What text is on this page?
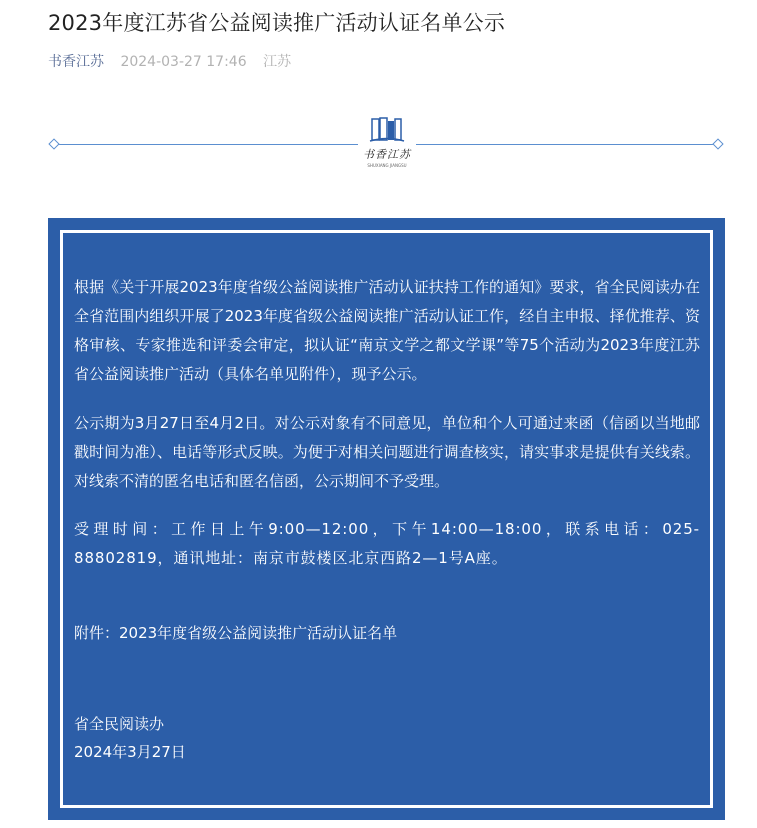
2023年度江苏省公益阅读推广活动认证名单公示
书香江苏 2024-03-27 17:46 江苏
书香江苏
SHUXIANG JIANGSU

根据《关于开展2023年度省级公益阅读推广活动认证扶持工作的通知》要求，省全民阅读办在全省范围内组织开展了2023年度省级公益阅读推广活动认证工作，经自主申报、择优推荐、资格审核、专家推选和评委会审定，拟认证“南京文学之都文学课”等75个活动为2023年度江苏省公益阅读推广活动（具体名单见附件），现予公示。

公示期为3月27日至4月2日。对公示对象有不同意见，单位和个人可通过来函（信函以当地邮戳时间为准）、电话等形式反映。为便于对相关问题进行调查核实，请实事求是提供有关线索。对线索不清的匿名电话和匿名信函，公示期间不予受理。

受理时间：工作日上午9:00—12:00，下午14:00—18:00，联系电话：025-88802819，通讯地址：南京市鼓楼区北京西路2—1号A座。

附件：2023年度省级公益阅读推广活动认证名单

省全民阅读办

2024年3月27日
